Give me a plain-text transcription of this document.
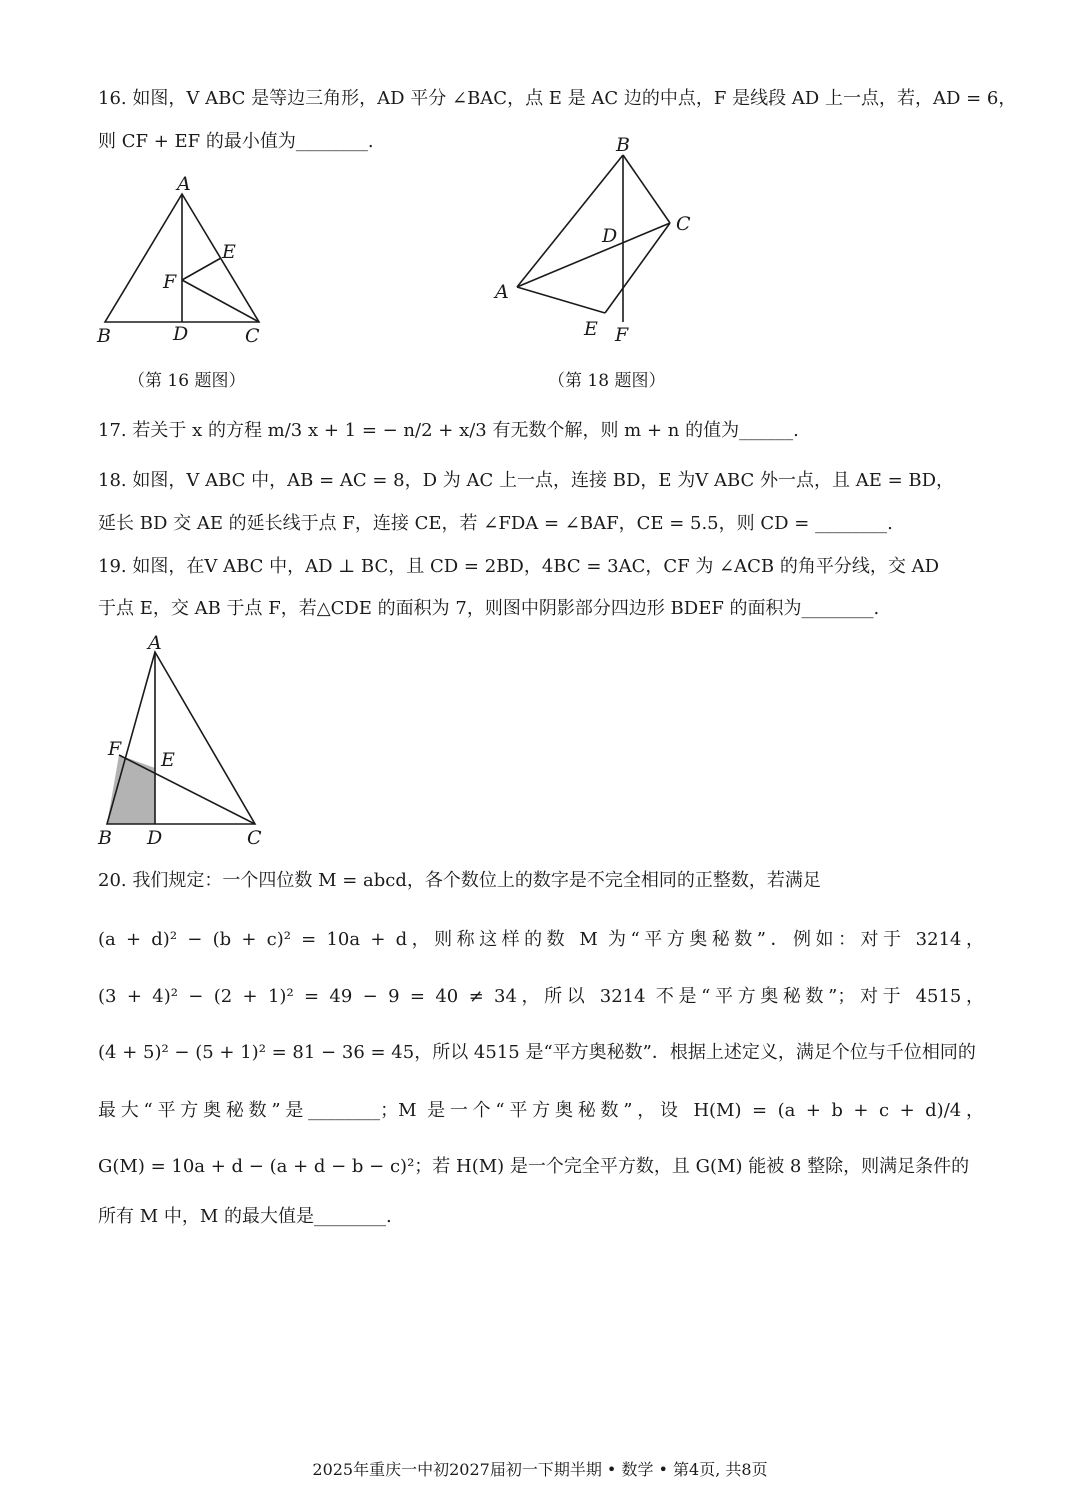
16. 如图，V ABC 是等边三角形，AD 平分 ∠BAC，点 E 是 AC 边的中点，F 是线段 AD 上一点，若，AD = 6，
则 CF + EF 的最小值为________.
A
B	C
D
E
F
（第 16 题图）
B
C
D
A
E F
（第 18 题图）
17. 若关于 x 的方程 m/3 x + 1 = − n/2 + x/3 有无数个解，则 m + n 的值为______.
18. 如图，V ABC 中，AB = AC = 8，D 为 AC 上一点，连接 BD，E 为V ABC 外一点，且 AE = BD，
延长 BD 交 AE 的延长线于点 F，连接 CE，若 ∠FDA = ∠BAF，CE = 5.5，则 CD = ________.
19. 如图，在V ABC 中，AD ⊥ BC，且 CD = 2BD，4BC = 3AC，CF 为 ∠ACB 的角平分线，交 AD
于点 E，交 AB 于点 F，若△CDE 的面积为 7，则图中阴影部分四边形 BDEF 的面积为________.
A
F E
B D	C
20. 我们规定：一个四位数 M = abcd，各个数位上的数字是不完全相同的正整数，若满足
(a + d)² − (b + c)² = 10a + d，则称这样的数 M 为“平方奥秘数”．例如：对于 3214，
(3 + 4)² − (2 + 1)² = 49 − 9 = 40 ≠ 34，所以 3214 不是“平方奥秘数”；对于 4515，
(4 + 5)² − (5 + 1)² = 81 − 36 = 45，所以 4515 是“平方奥秘数”．根据上述定义，满足个位与千位相同的
最大“平方奥秘数”是________；M 是一个“平方奥秘数”，设 H(M) = (a + b + c + d)/4，
G(M) = 10a + d − (a + d − b − c)²；若 H(M) 是一个完全平方数，且 G(M) 能被 8 整除，则满足条件的
所有 M 中，M 的最大值是________.
2025年重庆一中初2027届初一下期半期 • 数学 • 第4页, 共8页
